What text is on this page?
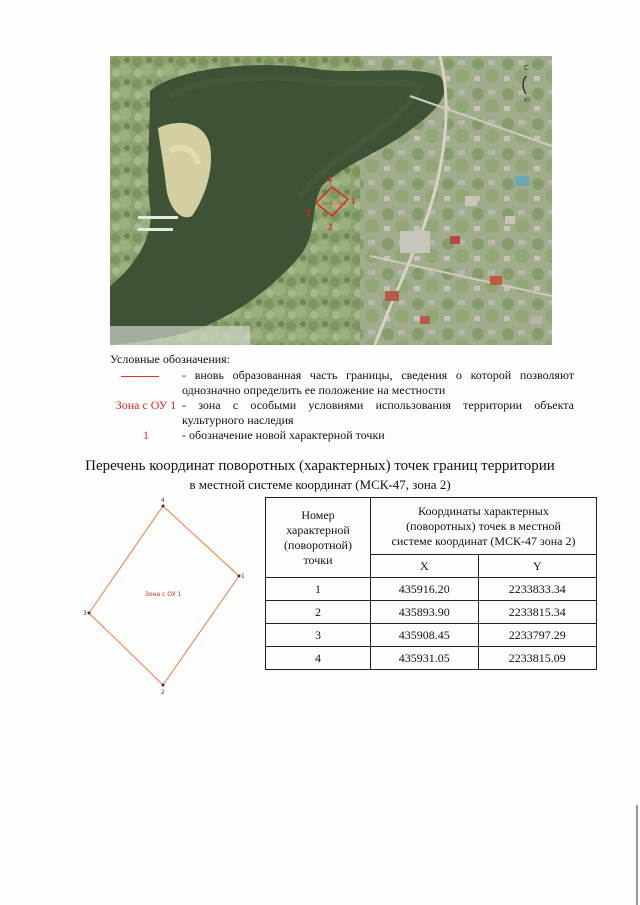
С
Ю
Зона с ОУ 1 1
2
3
4
Условные обозначения:
- вновь образованная часть границы, сведения о которой позволяют однозначно определить ее положение на местности
Зона с ОУ 1 - зона с особыми условиями использования территории объекта культурного наследия
1	- обозначение новой характерной точки
Перечень координат поворотных (характерных) точек границ территории
в местной системе координат (МСК-47, зона 2)
Зона с ОУ 1
1
2
3
4
Номер характерной (поворотной) точки	Координаты характерных (поворотных) точек в местной системе координат (МСК-47 зона 2)	
	X	Y
1	435916.20	2233833.34
2	435893.90	2233815.34
3	435908.45	2233797.29
4	435931.05	2233815.09
